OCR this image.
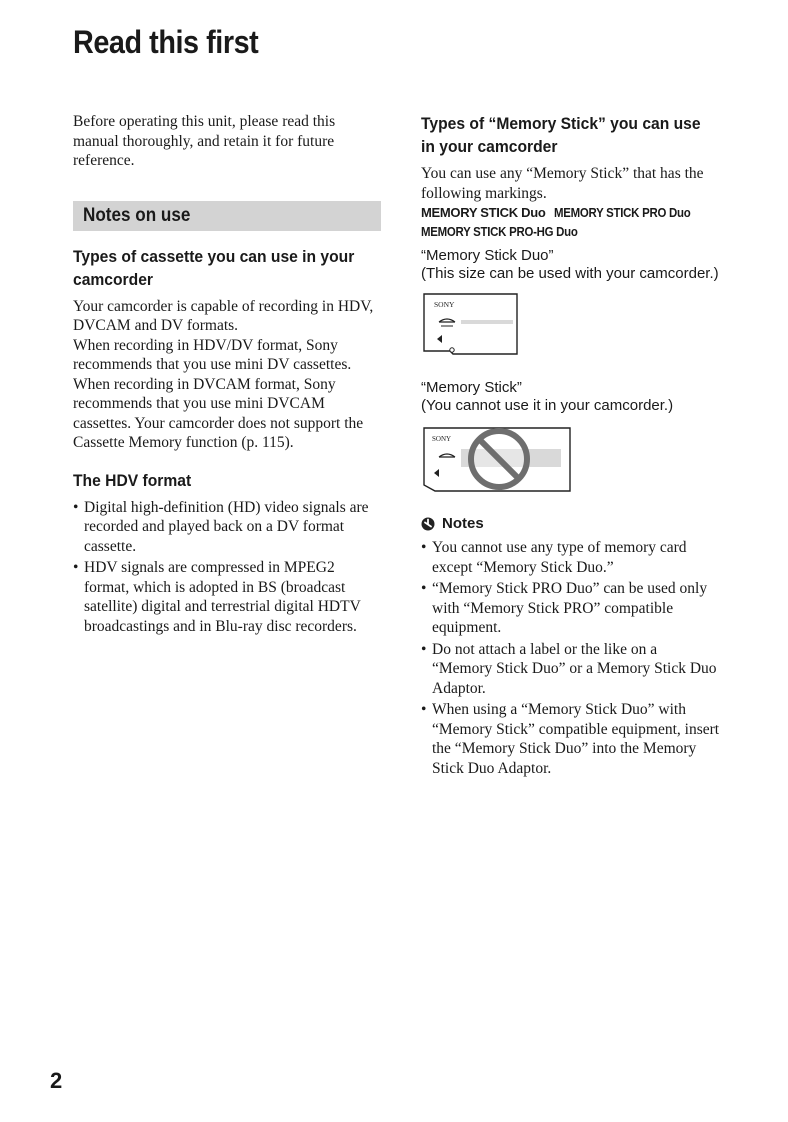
Read this first

Before operating this unit, please read this manual thoroughly, and retain it for future reference.

Notes on use
Types of cassette you can use in your camcorder

Your camcorder is capable of recording in HDV, DVCAM and DV formats.

When recording in HDV/DV format, Sony recommends that you use mini DV cassettes.

When recording in DVCAM format, Sony recommends that you use mini DVCAM cassettes. Your camcorder does not support the Cassette Memory function (p. 115).

The HDV format
• Digital high-definition (HD) video signals are recorded and played back on a DV format cassette.
• HDV signals are compressed in MPEG2 format, which is adopted in BS (broadcast satellite) digital and terrestrial digital HDTV broadcastings and in Blu-ray disc recorders.
Types of “Memory Stick” you can use in your camcorder

You can use any “Memory Stick” that has the following markings.

MEMORY STICK Duo MEMORY STICK PRO Duo
MEMORY STICK PRO-HG Duo
“Memory Stick Duo”
(This size can be used with your camcorder.)
SONY
“Memory Stick”
(You cannot use it in your camcorder.)
SONY
Notes
• You cannot use any type of memory card except “Memory Stick Duo.”
• “Memory Stick PRO Duo” can be used only with “Memory Stick PRO” compatible equipment.
• Do not attach a label or the like on a “Memory Stick Duo” or a Memory Stick Duo Adaptor.
• When using a “Memory Stick Duo” with “Memory Stick” compatible equipment, insert the “Memory Stick Duo” into the Memory Stick Duo Adaptor.
2
